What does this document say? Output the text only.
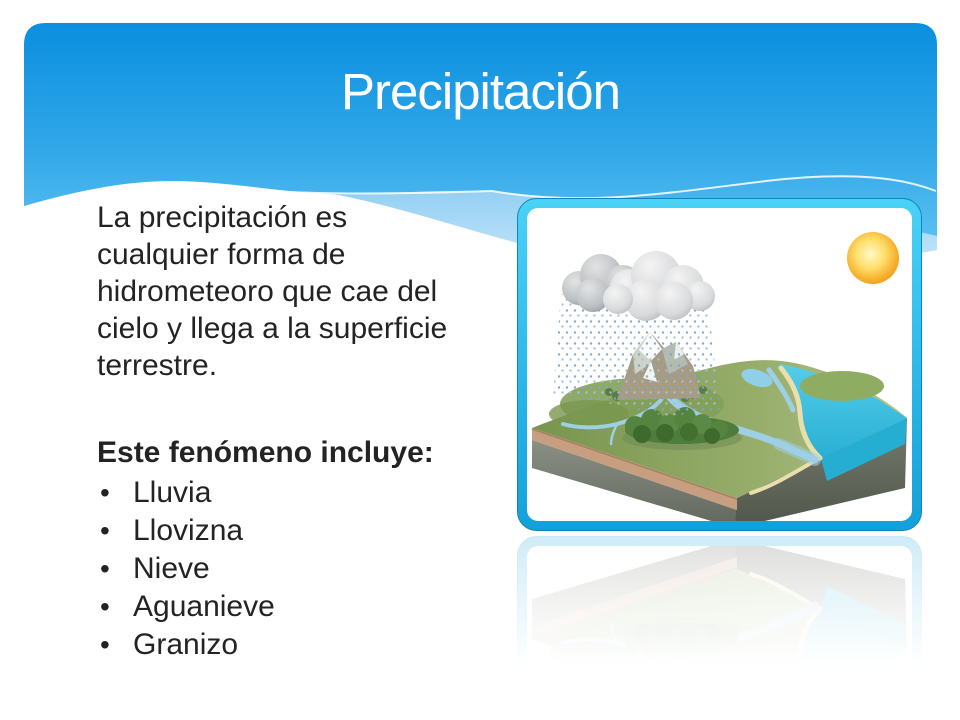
Precipitación
La precipitación es
cualquier forma de
hidrometeoro que cae del
cielo y llega a la superficie
terrestre.
Este fenómeno incluye:
• Lluvia
• Llovizna
• Nieve
• Aguanieve
• Granizo
